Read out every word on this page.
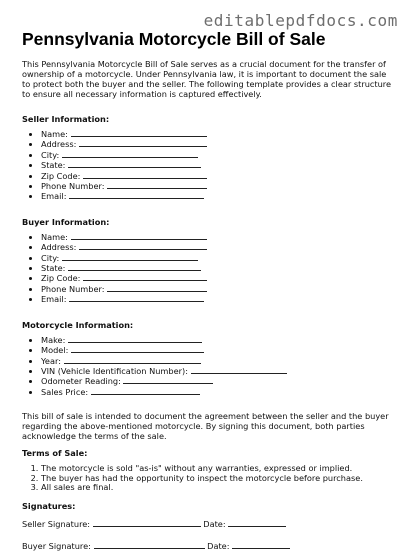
editablepdfdocs.com
Pennsylvania Motorcycle Bill of Sale

This Pennsylvania Motorcycle Bill of Sale serves as a crucial document for the transfer of ownership of a motorcycle. Under Pennsylvania law, it is important to document the sale to protect both the buyer and the seller. The following template provides a clear structure to ensure all necessary information is captured effectively.

Seller Information:
• Name:
• Address:
• City:
• State:
• Zip Code:
• Phone Number:
• Email:
Buyer Information:
• Name:
• Address:
• City:
• State:
• Zip Code:
• Phone Number:
• Email:
Motorcycle Information:
• Make:
• Model:
• Year:
• VIN (Vehicle Identification Number):
• Odometer Reading:
• Sales Price:

This bill of sale is intended to document the agreement between the seller and the buyer regarding the above-mentioned motorcycle. By signing this document, both parties acknowledge the terms of the sale.

Terms of Sale:
1. The motorcycle is sold "as-is" without any warranties, expressed or implied.
2. The buyer has had the opportunity to inspect the motorcycle before purchase.
3. All sales are final.
Signatures:
Seller Signature:	Date:
Buyer Signature:	Date:
